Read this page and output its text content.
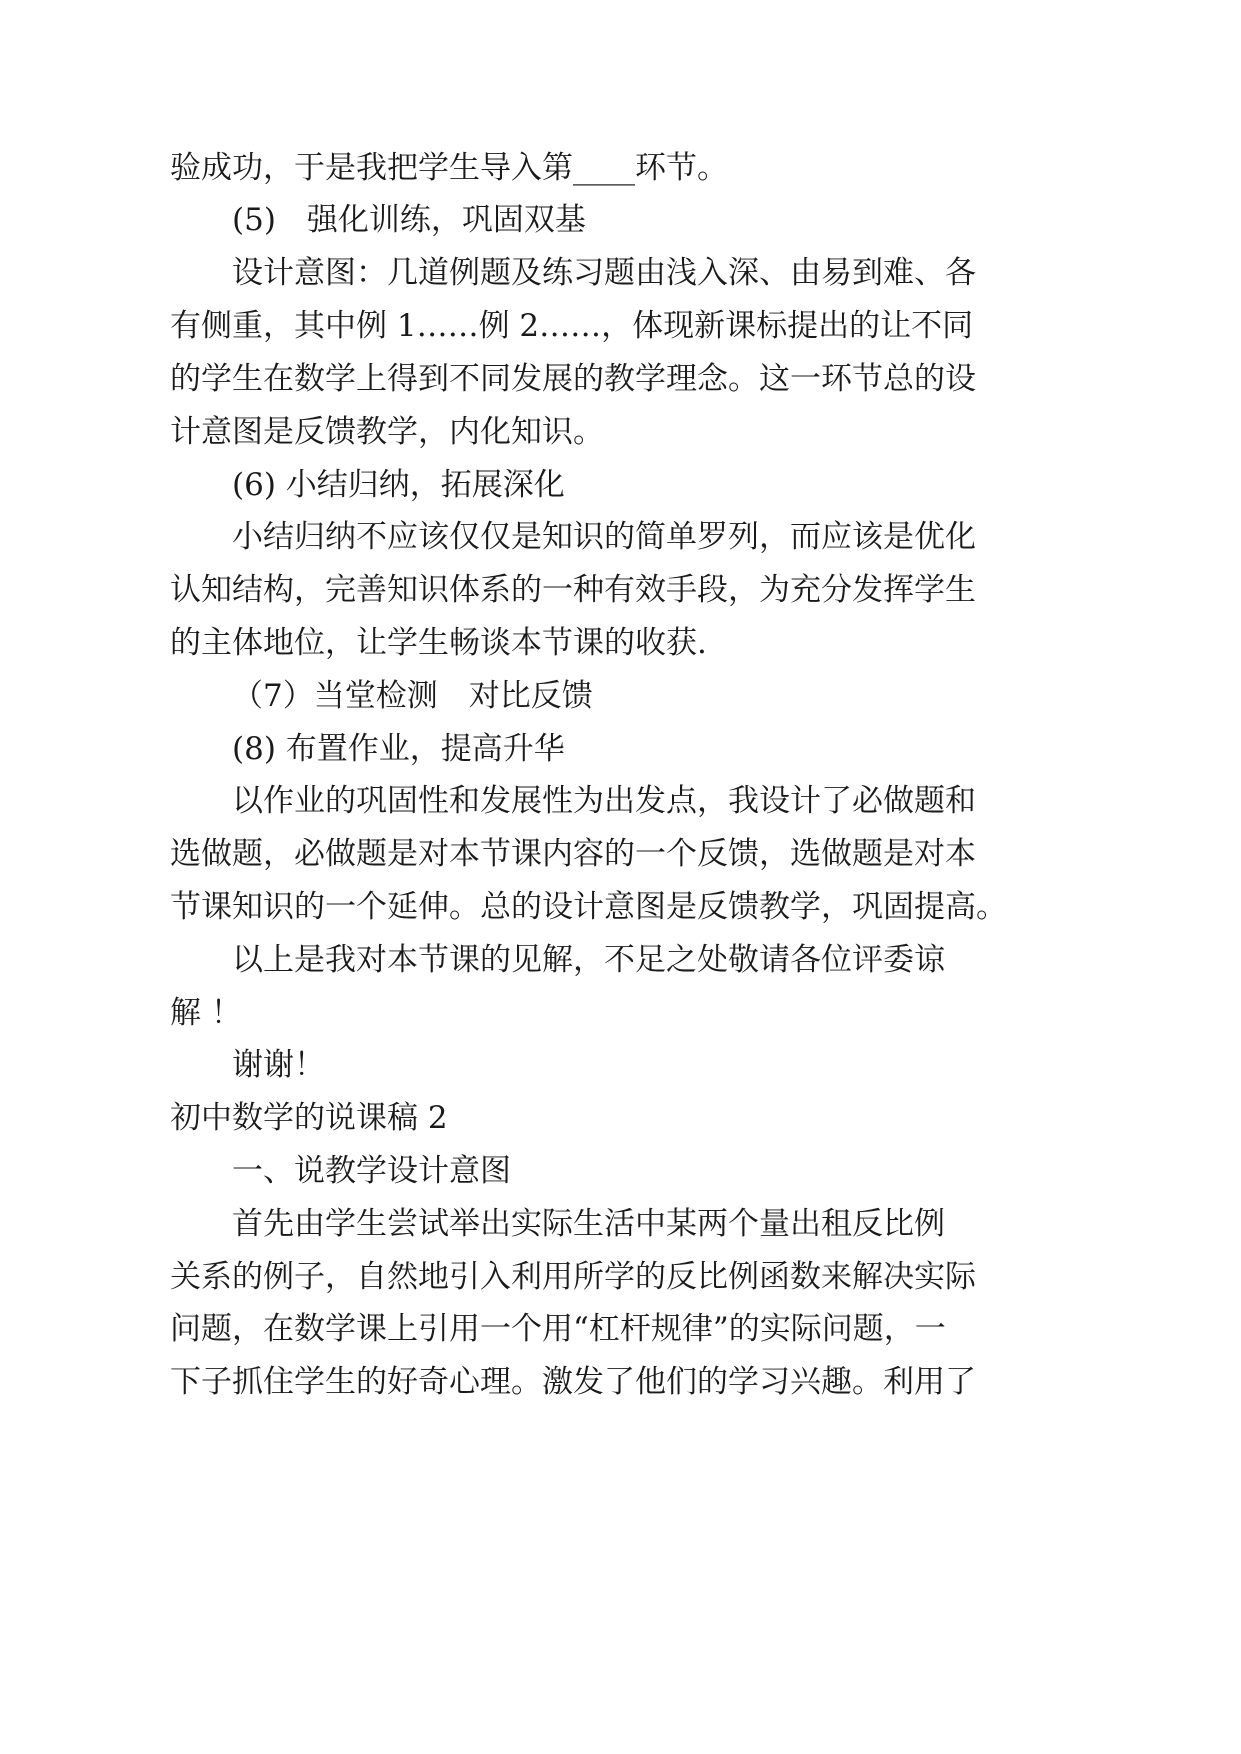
验成功，于是我把学生导入第____环节。
(5)　强化训练，巩固双基
设计意图：几道例题及练习题由浅入深、由易到难、各
有侧重，其中例 1……例 2……，体现新课标提出的让不同
的学生在数学上得到不同发展的教学理念。这一环节总的设
计意图是反馈教学，内化知识。
(6) 小结归纳，拓展深化
小结归纳不应该仅仅是知识的简单罗列，而应该是优化
认知结构，完善知识体系的一种有效手段，为充分发挥学生
的主体地位，让学生畅谈本节课的收获.
（7）当堂检测　对比反馈
(8) 布置作业，提高升华
以作业的巩固性和发展性为出发点，我设计了必做题和
选做题，必做题是对本节课内容的一个反馈，选做题是对本
节课知识的一个延伸。总的设计意图是反馈教学，巩固提高。
以上是我对本节课的见解，不足之处敬请各位评委谅
解 ！
谢谢！
初中数学的说课稿 2
一、说教学设计意图
首先由学生尝试举出实际生活中某两个量出租反比例
关系的例子，自然地引入利用所学的反比例函数来解决实际
问题，在数学课上引用一个用“杠杆规律”的实际问题，一
下子抓住学生的好奇心理。激发了他们的学习兴趣。利用了
